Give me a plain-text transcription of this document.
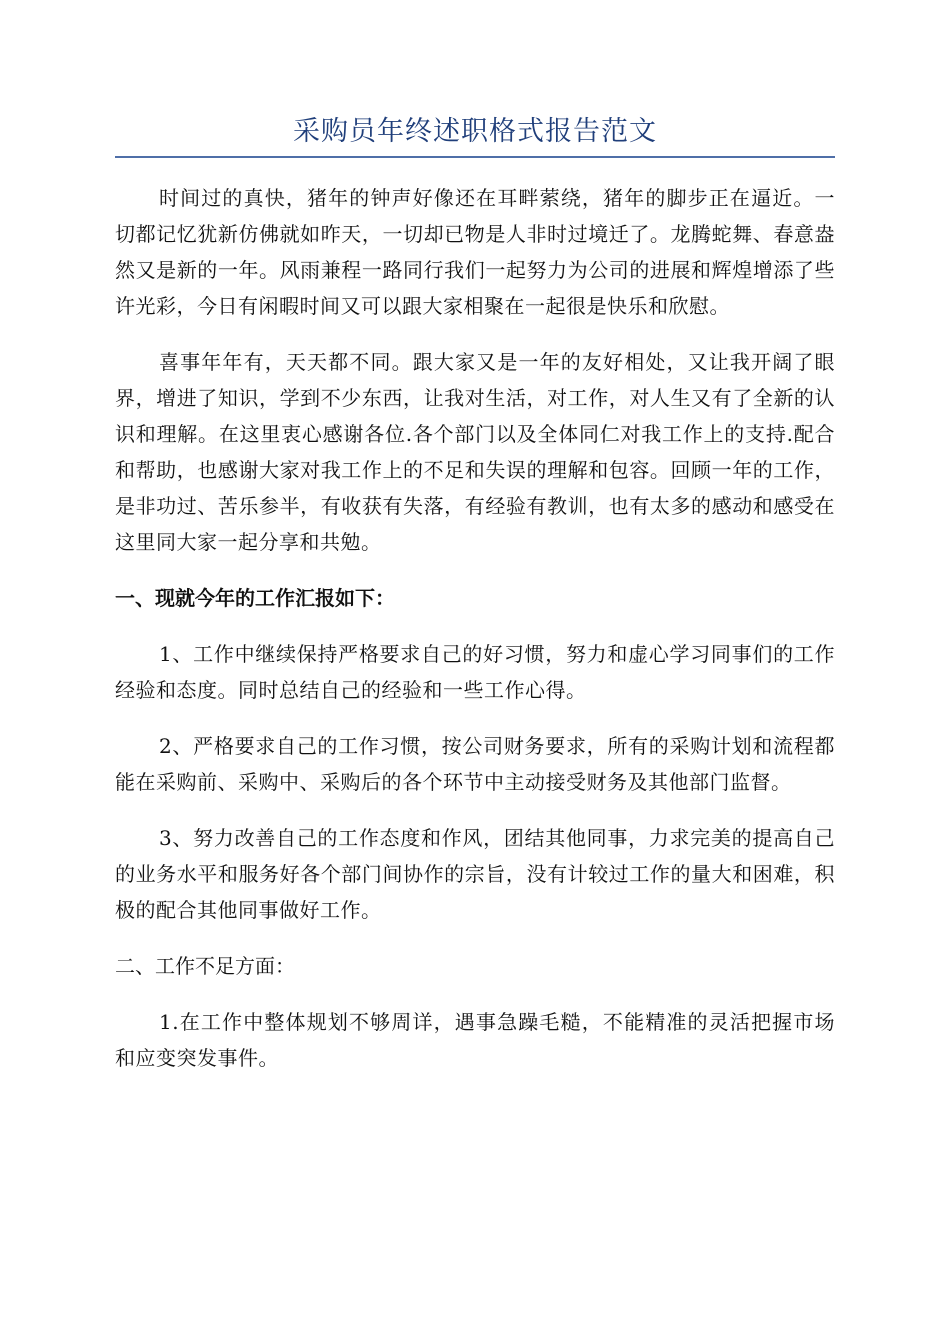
采购员年终述职格式报告范文

时间过的真快，猪年的钟声好像还在耳畔萦绕，猪年的脚步正在逼近。一切都记忆犹新仿佛就如昨天，一切却已物是人非时过境迁了。龙腾蛇舞、春意盎然又是新的一年。风雨兼程一路同行我们一起努力为公司的进展和辉煌增添了些许光彩，今日有闲暇时间又可以跟大家相聚在一起很是快乐和欣慰。

喜事年年有，天天都不同。跟大家又是一年的友好相处，又让我开阔了眼界，增进了知识，学到不少东西，让我对生活，对工作，对人生又有了全新的认识和理解。在这里衷心感谢各位.各个部门以及全体同仁对我工作上的支持.配合和帮助，也感谢大家对我工作上的不足和失误的理解和包容。回顾一年的工作，是非功过、苦乐参半，有收获有失落，有经验有教训，也有太多的感动和感受在这里同大家一起分享和共勉。

一、现就今年的工作汇报如下：

1、工作中继续保持严格要求自己的好习惯，努力和虚心学习同事们的工作经验和态度。同时总结自己的经验和一些工作心得。

2、严格要求自己的工作习惯，按公司财务要求，所有的采购计划和流程都能在采购前、采购中、采购后的各个环节中主动接受财务及其他部门监督。

3、努力改善自己的工作态度和作风，团结其他同事，力求完美的提高自己的业务水平和服务好各个部门间协作的宗旨，没有计较过工作的量大和困难，积极的配合其他同事做好工作。

二、工作不足方面：

1.在工作中整体规划不够周详，遇事急躁毛糙，不能精准的灵活把握市场和应变突发事件。
